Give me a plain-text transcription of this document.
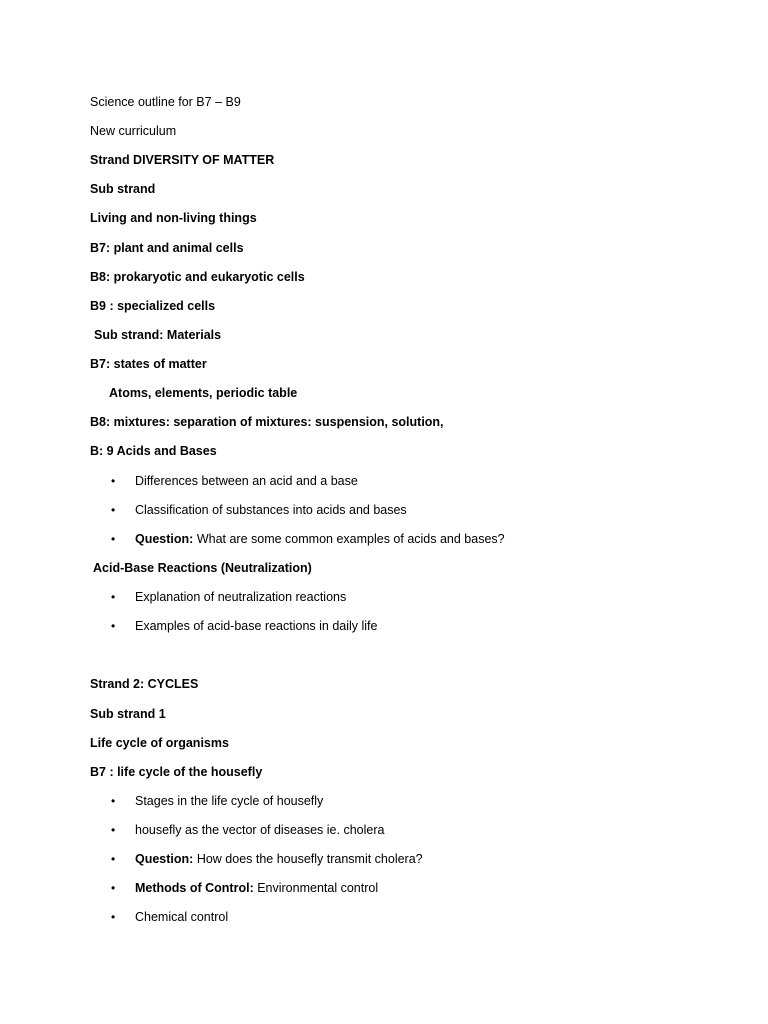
Science outline for B7 – B9
New curriculum
Strand DIVERSITY OF MATTER
Sub strand
Living and non-living things
B7: plant and animal cells
B8: prokaryotic and eukaryotic cells
B9 : specialized cells
Sub strand: Materials
B7: states of matter
Atoms, elements, periodic table
B8: mixtures: separation of mixtures: suspension, solution,
B: 9 Acids and Bases
• Differences between an acid and a base
• Classification of substances into acids and bases
• Question: What are some common examples of acids and bases?
Acid-Base Reactions (Neutralization)
• Explanation of neutralization reactions
• Examples of acid-base reactions in daily life
Strand 2: CYCLES
Sub strand 1
Life cycle of organisms
B7 : life cycle of the housefly
• Stages in the life cycle of housefly
• housefly as the vector of diseases ie. cholera
• Question: How does the housefly transmit cholera?
• Methods of Control: Environmental control
• Chemical control
